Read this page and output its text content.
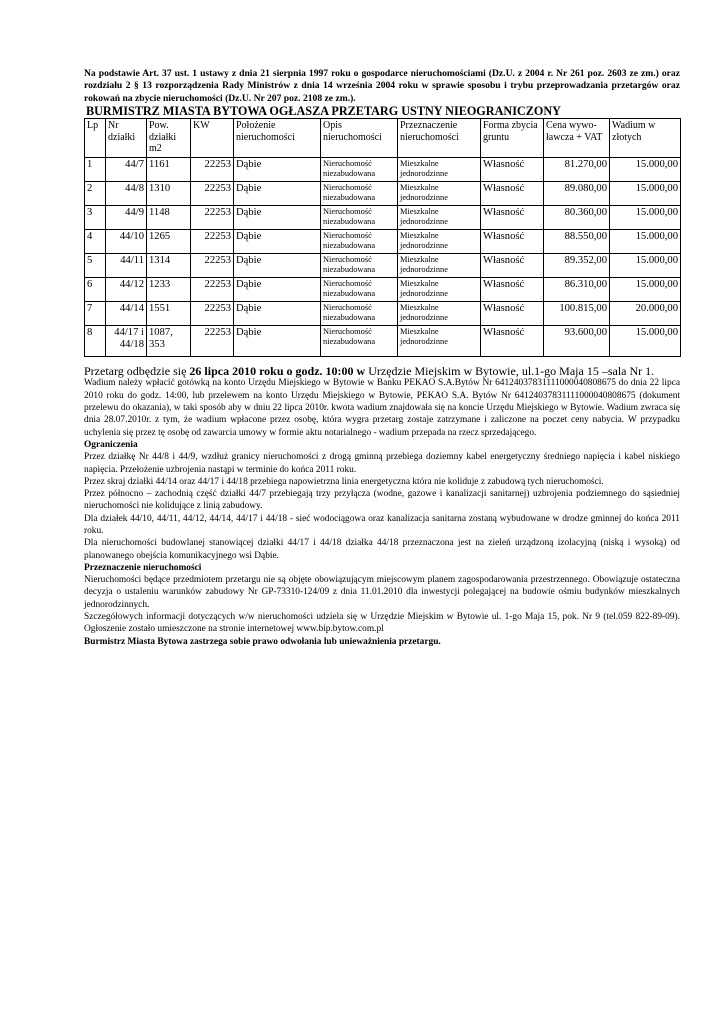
Na podstawie Art. 37 ust. 1 ustawy z dnia 21 sierpnia 1997 roku o gospodarce nieruchomościami (Dz.U. z 2004 r. Nr 261 poz. 2603 ze zm.) oraz rozdziału 2 § 13 rozporządzenia Rady Ministrów z dnia 14 września 2004 roku w sprawie sposobu i trybu przeprowadzania przetargów oraz rokowań na zbycie nieruchomości (Dz.U. Nr 207 poz. 2108 ze zm.).

BURMISTRZ MIASTA BYTOWA OGŁASZA PRZETARG USTNY NIEOGRANICZONY

Lp	Nr działki	Pow. działki m2	KW	Położenie nieruchomości	Opis nieruchomości	Przeznaczenie nieruchomości	Forma zbycia gruntu	Cena wywo-ławcza + VAT	Wadium w złotych
1	44/7	1161	22253	Dąbie	Nieruchomość niezabudowana	Mieszkalne jednorodzinne	Własność	81.270,00	15.000,00
2	44/8	1310	22253	Dąbie	Nieruchomość niezabudowana	Mieszkalne jednorodzinne	Własność	89.080,00	15.000,00
3	44/9	1148	22253	Dąbie	Nieruchomość niezabudowana	Mieszkalne jednorodzinne	Własność	80.360,00	15.000,00
4	44/10	1265	22253	Dąbie	Nieruchomość niezabudowana	Mieszkalne jednorodzinne	Własność	88.550,00	15.000,00
5	44/11	1314	22253	Dąbie	Nieruchomość niezabudowana	Mieszkalne jednorodzinne	Własność	89.352,00	15.000,00
6	44/12	1233	22253	Dąbie	Nieruchomość niezabudowana	Mieszkalne jednorodzinne	Własność	86.310,00	15.000,00
7	44/14	1551	22253	Dąbie	Nieruchomość niezabudowana	Mieszkalne jednorodzinne	Własność	100.815,00	20.000,00
8	44/17 i 44/18	1087, 353	22253	Dąbie	Nieruchomość niezabudowana	Mieszkalne jednorodzinne	Własność	93.600,00	15.000,00
Przetarg odbędzie się 26 lipca 2010 roku o godz. 10:00 w Urzędzie Miejskim w Bytowie, ul.1-go Maja 15 –sala Nr 1.

Wadium należy wpłacić gotówką na konto Urzędu Miejskiego w Bytowie w Banku PEKAO S.A.Bytów Nr 64124037831111000040808675 do dnia 22 lipca 2010 roku do godz. 14:00, lub przelewem na konto Urzędu Miejskiego w Bytowie, PEKAO S.A. Bytów Nr 64124037831111000040808675 (dokument przelewu do okazania), w taki sposób aby w dniu 22 lipca 2010r. kwota wadium znajdowała się na koncie Urzędu Miejskiego w Bytowie. Wadium zwraca się dnia 28.07.2010r. z tym, że wadium wpłacone przez osobę, która wygra przetarg zostaje zatrzymane i zaliczone na poczet ceny nabycia. W przypadku uchylenia się przez tę osobę od zawarcia umowy w formie aktu notarialnego - wadium przepada na rzecz sprzedającego.

Ograniczenia

Przez działkę Nr 44/8 i 44/9, wzdłuż granicy nieruchomości z drogą gminną przebiega doziemny kabel energetyczny średniego napięcia i kabel niskiego napięcia. Przełożenie uzbrojenia nastąpi w terminie do końca 2011 roku.

Przez skraj działki 44/14 oraz 44/17 i 44/18 przebiega napowietrzna linia energetyczna która nie koliduje z zabudową tych nieruchomości.

Przez północno – zachodnią część działki 44/7 przebiegają trzy przyłącza (wodne, gazowe i kanalizacji sanitarnej) uzbrojenia podziemnego do sąsiedniej nieruchomości nie kolidujące z linią zabudowy.

Dla działek 44/10, 44/11, 44/12, 44/14, 44/17 i 44/18 - sieć wodociągowa oraz kanalizacja sanitarna zostaną wybudowane w drodze gminnej do końca 2011 roku.

Dla nieruchomości budowlanej stanowiącej działki 44/17 i 44/18 działka 44/18 przeznaczona jest na zieleń urządzoną izolacyjną (niską i wysoką) od planowanego obejścia komunikacyjnego wsi Dąbie.

Przeznaczenie nieruchomości

Nieruchomości będące przedmiotem przetargu nie są objęte obowiązującym miejscowym planem zagospodarowania przestrzennego. Obowiązuje ostateczna decyzja o ustaleniu warunków zabudowy Nr GP-73310-124/09 z dnia 11.01.2010 dla inwestycji polegającej na budowie ośmiu budynków mieszkalnych jednorodzinnych.

Szczegółowych informacji dotyczących w/w nieruchomości udziela się w Urzędzie Miejskim w Bytowie ul. 1-go Maja 15, pok. Nr 9 (tel.059 822-89-09). Ogłoszenie zostało umieszczone na stronie internetowej www.bip.bytow.com.pl

Burmistrz Miasta Bytowa zastrzega sobie prawo odwołania lub unieważnienia przetargu.
